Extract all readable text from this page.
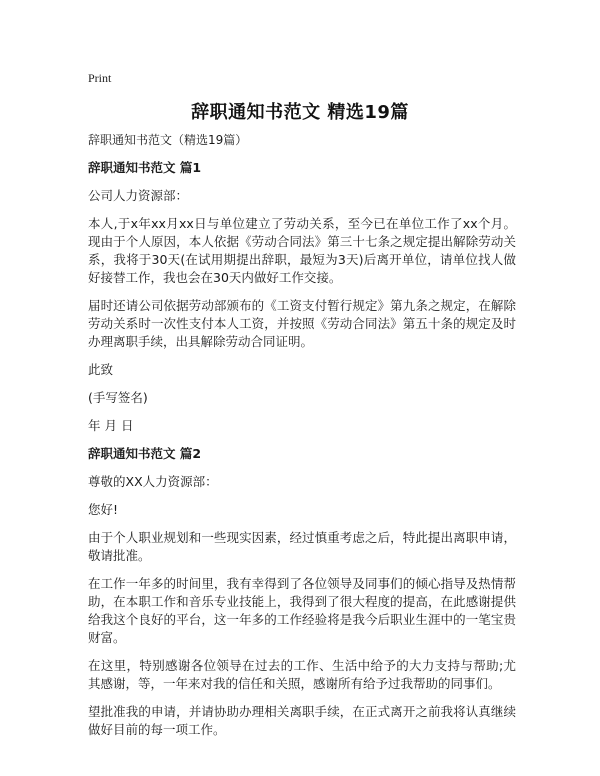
Print
辞职通知书范文 精选19篇

辞职通知书范文（精选19篇）

辞职通知书范文 篇1

公司人力资源部：

本人,于x年xx月xx日与单位建立了劳动关系，至今已在单位工作了xx个月。现由于个人原因，本人依据《劳动合同法》第三十七条之规定提出解除劳动关系，我将于30天(在试用期提出辞职，最短为3天)后离开单位，请单位找人做好接替工作，我也会在30天内做好工作交接。

届时还请公司依据劳动部颁布的《工资支付暂行规定》第九条之规定，在解除劳动关系时一次性支付本人工资，并按照《劳动合同法》第五十条的规定及时办理离职手续，出具解除劳动合同证明。

此致

(手写签名)

年 月 日

辞职通知书范文 篇2

尊敬的XX人力资源部：

您好!

由于个人职业规划和一些现实因素，经过慎重考虑之后，特此提出离职申请，敬请批准。

在工作一年多的时间里，我有幸得到了各位领导及同事们的倾心指导及热情帮助，在本职工作和音乐专业技能上，我得到了很大程度的提高，在此感谢提供给我这个良好的平台，这一年多的工作经验将是我今后职业生涯中的一笔宝贵财富。

在这里，特别感谢各位领导在过去的工作、生活中给予的大力支持与帮助;尤其感谢，等，一年来对我的信任和关照，感谢所有给予过我帮助的同事们。

望批准我的申请，并请协助办理相关离职手续，在正式离开之前我将认真继续做好目前的每一项工作。
